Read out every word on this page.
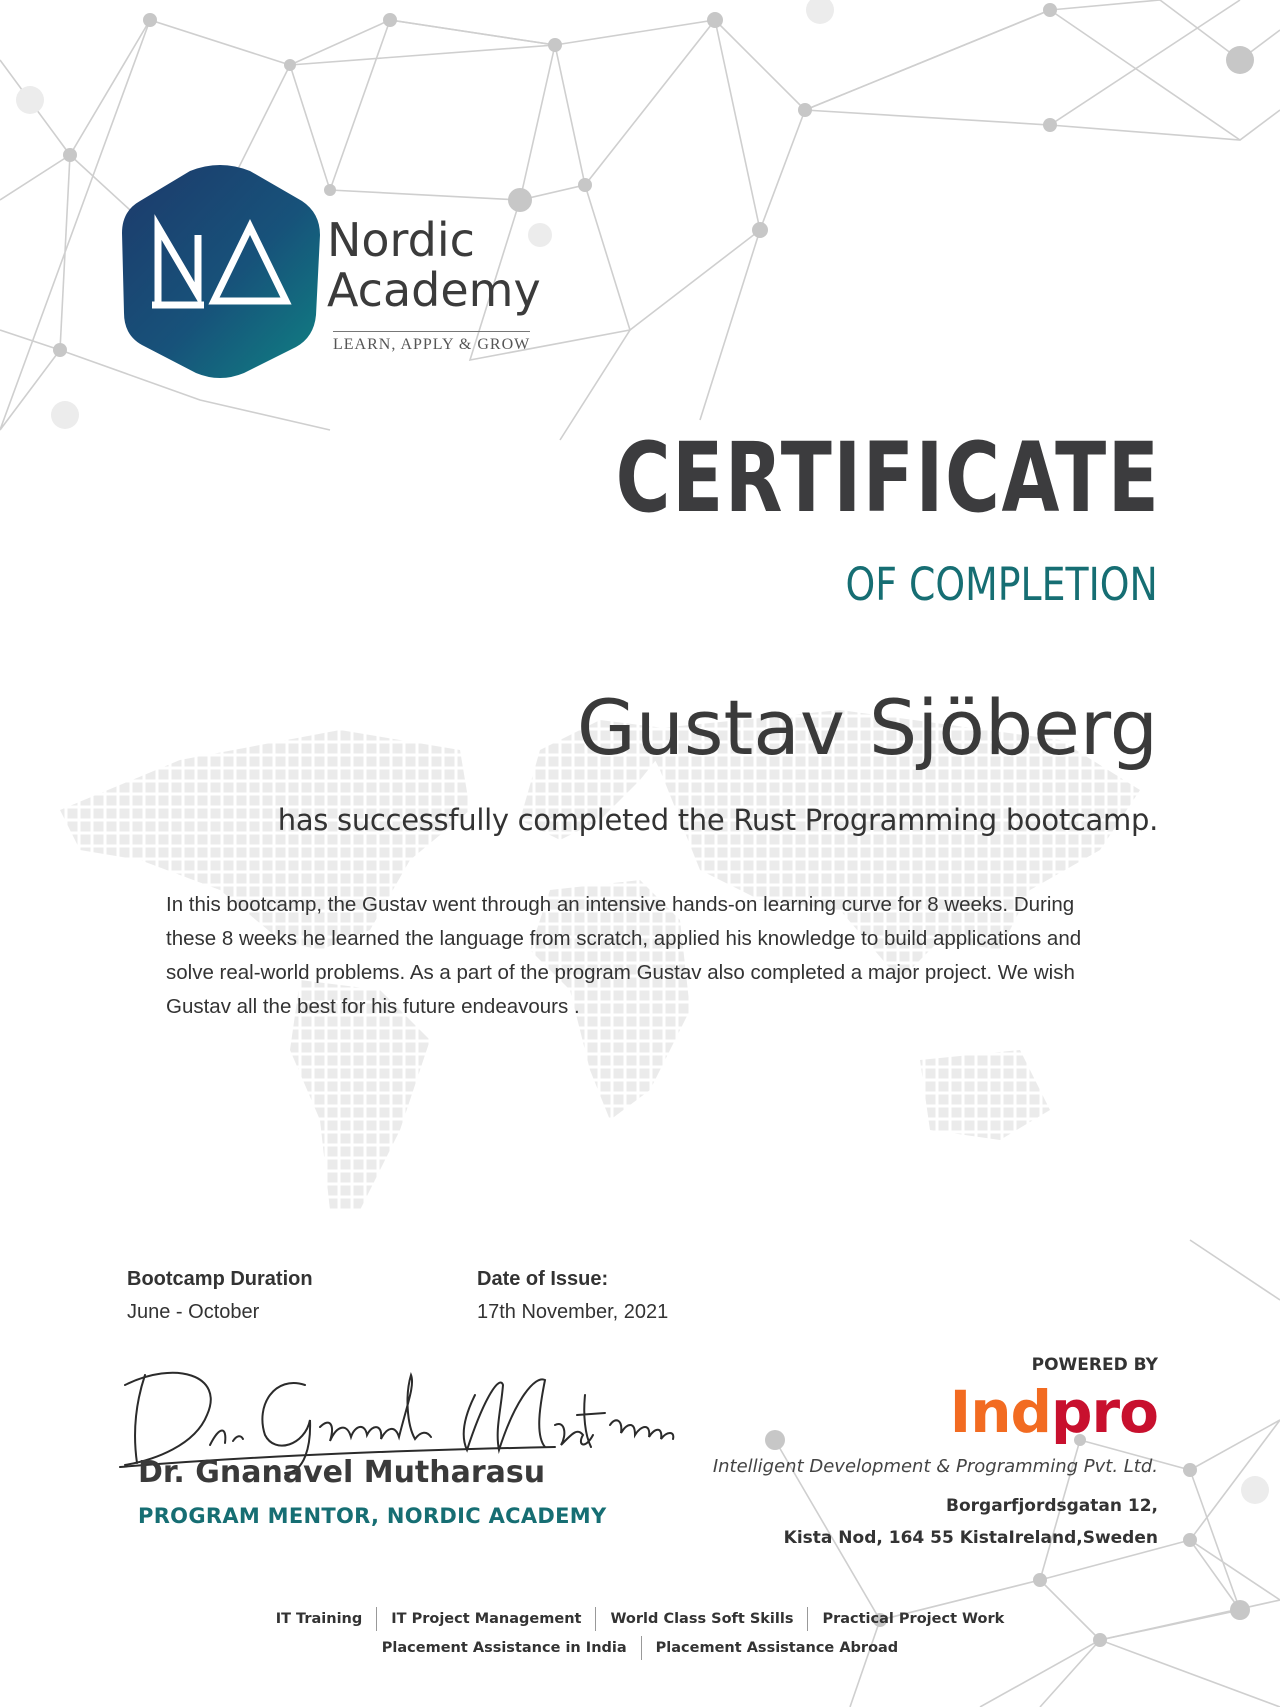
Nordic
Academy
LEARN, APPLY & GROW
CERTIFICATE
OF COMPLETION
Gustav Sjöberg
has successfully completed the Rust Programming bootcamp.
In this bootcamp, the Gustav went through an intensive hands-on learning curve for 8 weeks. During these 8 weeks he learned the language from scratch, applied his knowledge to build applications and solve real-world problems. As a part of the program Gustav also completed a major project. We wish Gustav all the best for his future endeavours .
Bootcamp Duration
June - October
Date of Issue:
17th November, 2021
Dr. Gnanavel Mutharasu
PROGRAM MENTOR, NORDIC ACADEMY
POWERED BY
Indpro
Intelligent Development & Programming Pvt. Ltd.
Borgarfjordsgatan 12,
Kista Nod, 164 55 KistaIreland,Sweden
IT Training IT Project Management World Class Soft Skills Practical Project Work
Placement Assistance in India Placement Assistance Abroad
